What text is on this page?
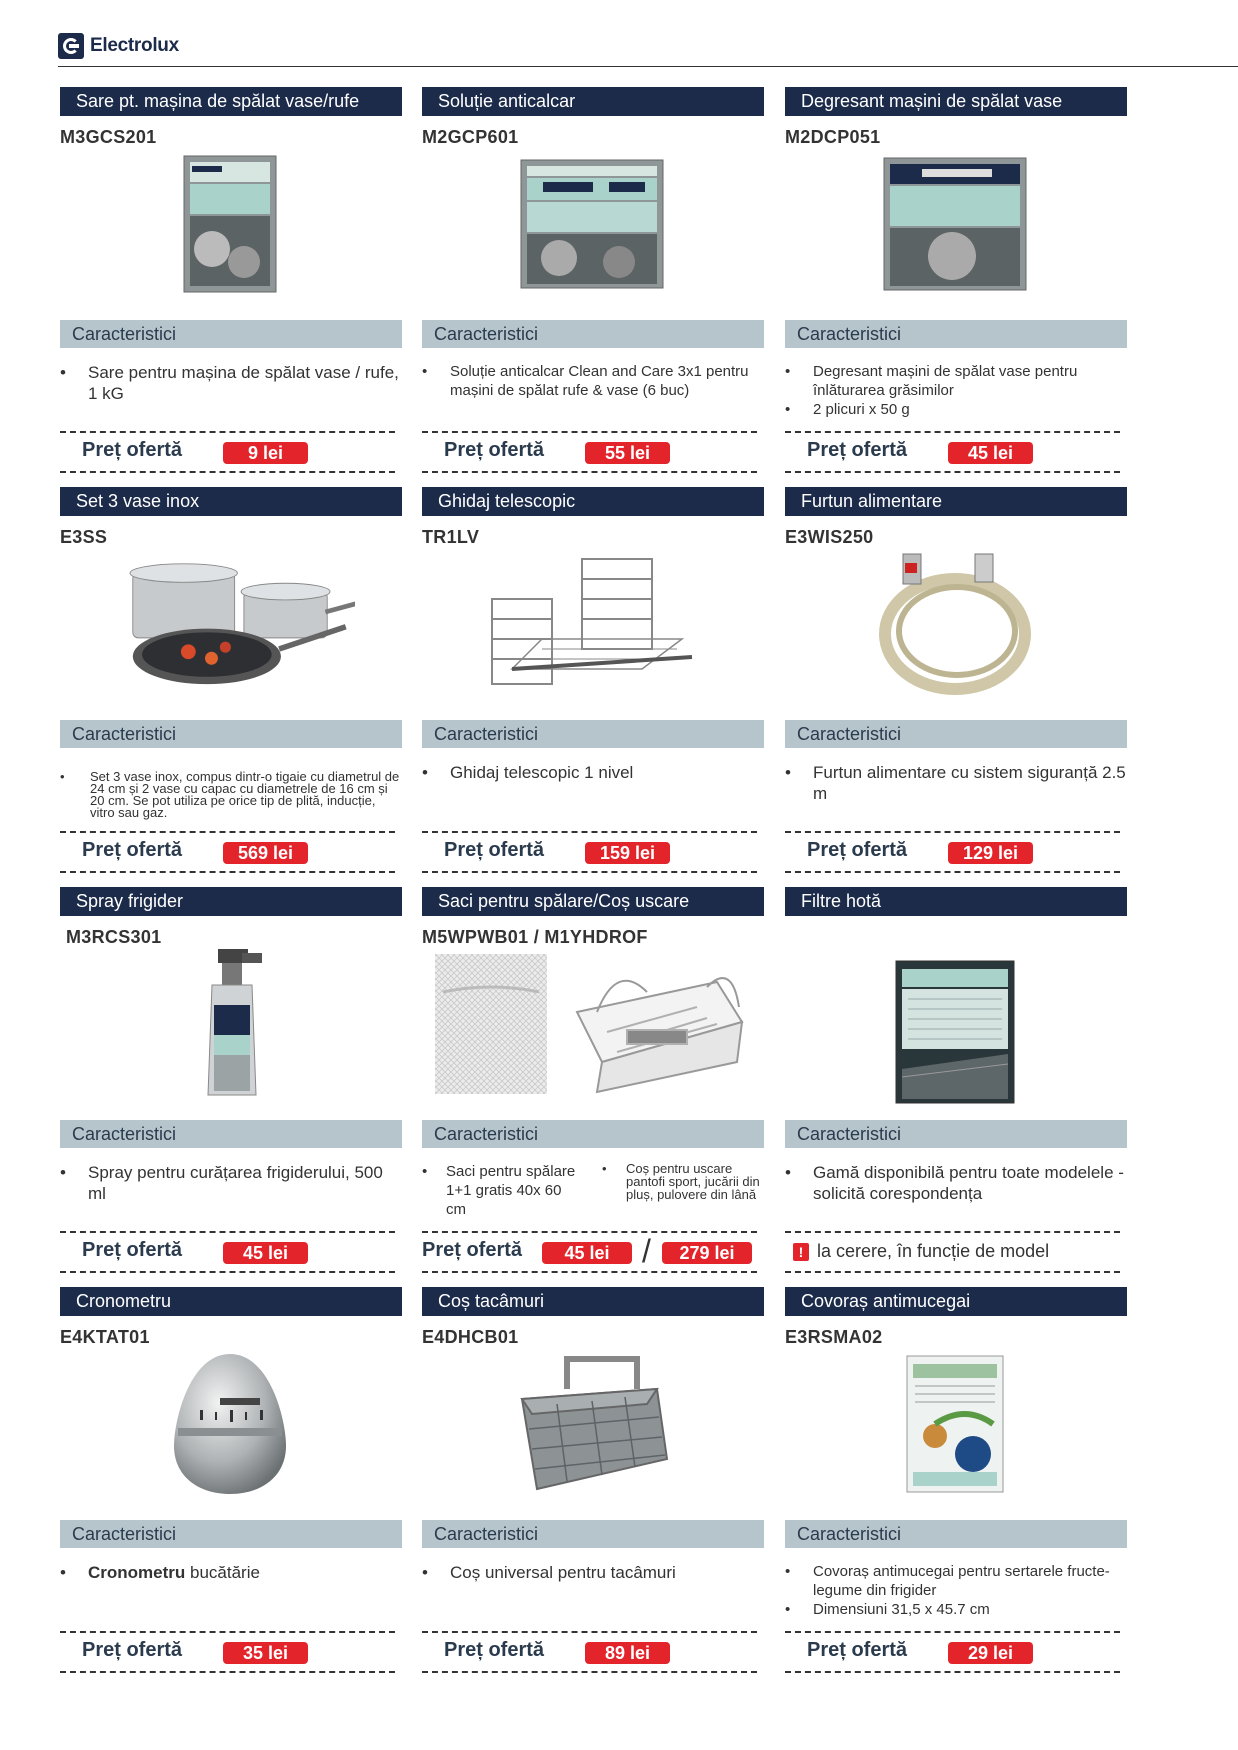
Electrolux
Sare pt. mașina de spălat vase/rufe
M3GCS201
Caracteristici
• Sare pentru mașina de spălat vase / rufe, 1 kG
Preț ofertă	9 lei
Soluție anticalcar
M2GCP601
Caracteristici
• Soluție anticalcar Clean and Care 3x1 pentru mașini de spălat rufe & vase (6 buc)
Preț ofertă	55 lei
Degresant mașini de spălat vase
M2DCP051
Caracteristici
• Degresant mașini de spălat vase pentru înlăturarea grăsimilor
• 2 plicuri x 50 g
Preț ofertă	45 lei
Set 3 vase inox
E3SS
Caracteristici
• Set 3 vase inox, compus dintr-o tigaie cu diametrul de 24 cm și 2 vase cu capac cu diametrele de 16 cm și 20 cm. Se pot utiliza pe orice tip de plită, inducție, vitro sau gaz.
Preț ofertă	569 lei
Ghidaj telescopic
TR1LV
Caracteristici
• Ghidaj telescopic 1 nivel
Preț ofertă	159 lei
Furtun alimentare
E3WIS250
Caracteristici
• Furtun alimentare cu sistem siguranță 2.5 m
Preț ofertă	129 lei
Spray frigider
M3RCS301
Caracteristici
• Spray pentru curățarea frigiderului, 500 ml
Preț ofertă	45 lei
Saci pentru spălare/Coș uscare
M5WPWB01 / M1YHDROF
Caracteristici
• Saci pentru spălare 1+1 gratis 40x 60 cm
• Coș pentru uscare pantofi sport, jucării din pluș, pulovere din lână
Preț ofertă	45 lei	/	279 lei
Filtre hotă
Caracteristici
• Gamă disponibilă pentru toate modelele - solicită corespondența
! la cerere, în funcție de model
Cronometru
E4KTAT01
Caracteristici
• Cronometru bucătărie
Preț ofertă	35 lei
Coș tacâmuri
E4DHCB01
Caracteristici
• Coș universal pentru tacâmuri
Preț ofertă	89 lei
Covoraș antimucegai
E3RSMA02
Caracteristici
• Covoraș antimucegai pentru sertarele fructe-legume din frigider
• Dimensiuni 31,5 x 45.7 cm
Preț ofertă	29 lei
